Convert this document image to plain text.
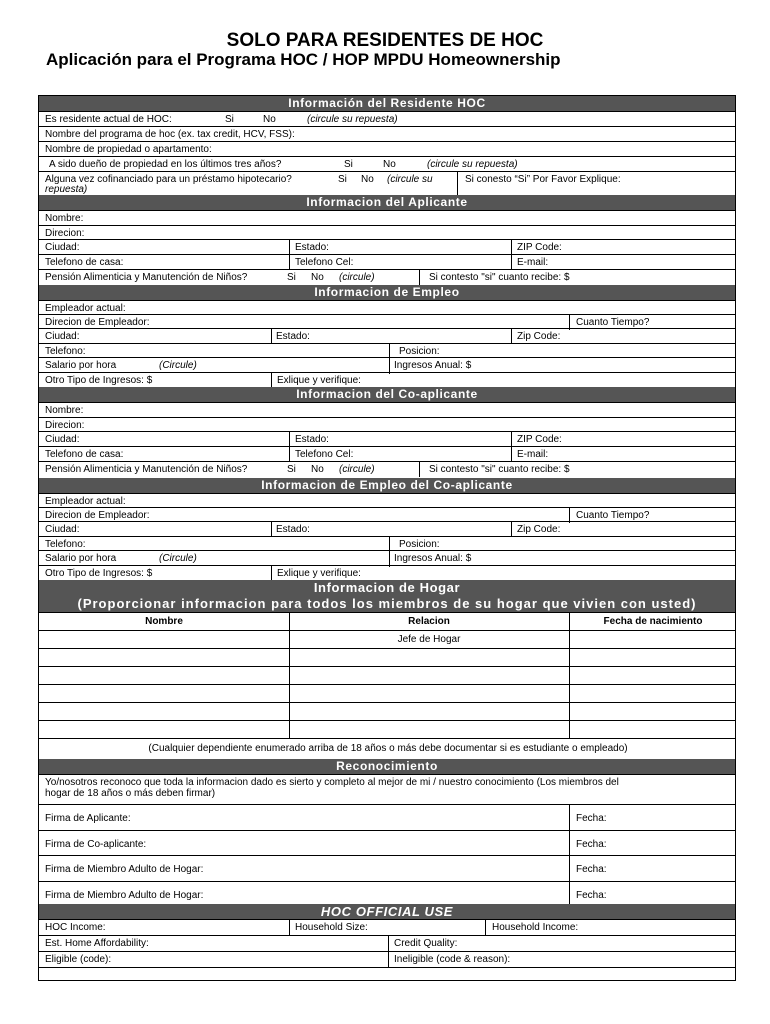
SOLO PARA RESIDENTES DE HOC
Aplicación para el Programa HOC / HOP MPDU Homeownership
Información del Residente HOC
Es residente actual de HOC:	Si	No	(circule su repuesta)
Nombre del programa de hoc (ex. tax credit, HCV, FSS):
Nombre de propiedad o apartamento:
A sido dueño de propiedad en los últimos tres años?	Si	No	(circule su repuesta)
Alguna vez cofinanciado para un préstamo hipotecario?	Si No (circule su
repuesta)
Si conesto “Si” Por Favor Explique:
Informacion del Aplicante
Nombre:
Direcion:
Ciudad:	Estado:	ZIP Code:
Telefono de casa:	Telefono Cel:	E-mail:
Pensión Alimenticia y Manutención de Niños?	Si No (circule)	Si contesto "si" cuanto recibe: $
Informacion de Empleo
Empleador actual:
Direcion de Empleador:	Cuanto Tiempo?
Ciudad:	Estado:	Zip Code:
Telefono:	Posicion:
Salario por hora	(Circule)	Ingresos Anual: $
Otro Tipo de Ingresos: $	Exlique y verifique:
Informacion del Co-aplicante
Nombre:
Direcion:
Ciudad:	Estado:	ZIP Code:
Telefono de casa:	Telefono Cel:	E-mail:
Pensión Alimenticia y Manutención de Niños?	Si No (circule)	Si contesto "si" cuanto recibe: $
Informacion de Empleo del Co-aplicante
Empleador actual:
Direcion de Empleador:	Cuanto Tiempo?
Ciudad:	Estado:	Zip Code:
Telefono:	Posicion:
Salario por hora	(Circule)	Ingresos Anual: $
Otro Tipo de Ingresos: $	Exlique y verifique:
Informacion de Hogar
(Proporcionar informacion para todos los miembros de su hogar que vivien con usted)
Nombre	Relacion	Fecha de nacimiento
Jefe de Hogar
(Cualquier dependiente enumerado arriba de 18 años o más debe documentar si es estudiante o empleado)
Reconocimiento
Yo/nosotros reconoco que toda la informacion dado es sierto y completo al mejor de mi / nuestro conocimiento (Los miembros del
hogar de 18 años o más deben firmar)
Firma de Aplicante:	Fecha:
Firma de Co-aplicante:	Fecha:
Firma de Miembro Adulto de Hogar:	Fecha:
Firma de Miembro Adulto de Hogar:	Fecha:
HOC OFFICIAL USE
HOC Income:	Household Size:	Household Income:
Est. Home Affordability:	Credit Quality:
Eligible (code):	Ineligible (code & reason):
